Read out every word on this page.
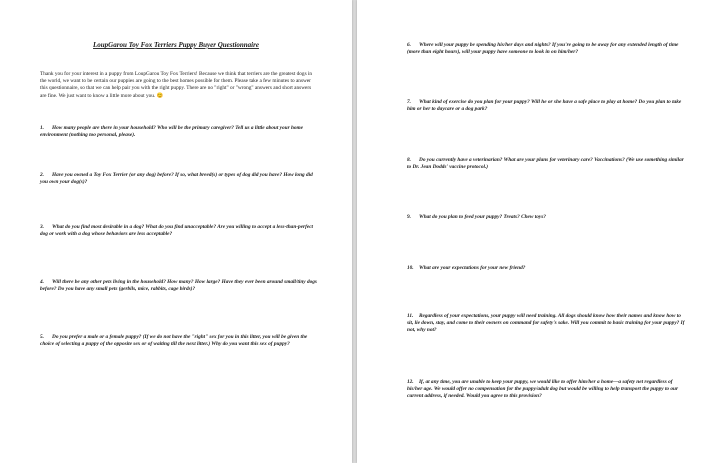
LoupGarou Toy Fox Terriers Puppy Buyer Questionnaire
Thank you for your interest in a puppy from LoupGarou Toy Fox Terriers! Because we think that terriers are the greatest dogs in the world, we want to be certain our puppies are going to the best homes possible for them. Please take a few minutes to answer this questionnaire, so that we can help pair you with the right puppy. There are no "right" or "wrong" answers and short answers are fine. We just want to know a little more about you. 😊
1. How many people are there in your household? Who will be the primary caregiver? Tell us a little about your home environment (nothing too personal, please).
2. Have you owned a Toy Fox Terrier (or any dog) before? If so, what breed(s) or types of dog did you have? How long did you own your dog(s)?
3. What do you find most desirable in a dog? What do you find unacceptable? Are you willing to accept a less-than-perfect dog or work with a dog whose behaviors are less acceptable?
4. Will there be any other pets living in the household? How many? How large? Have they ever been around small/tiny dogs before? Do you have any small pets (gerbils, mice, rabbits, cage birds)?
5. Do you prefer a male or a female puppy? (If we do not have the "right" sex for you in this litter, you will be given the choice of selecting a puppy of the opposite sex or of waiting till the next litter.) Why do you want this sex of puppy?
6. Where will your puppy be spending his/her days and nights? If you're going to be away for any extended length of time (more than eight hours), will your puppy have someone to look in on him/her?
7. What kind of exercise do you plan for your puppy? Will he or she have a safe place to play at home? Do you plan to take him or her to daycare or a dog park?
8. Do you currently have a veterinarian? What are your plans for veterinary care? Vaccinations? (We use something similar to Dr. Jean Dodds' vaccine protocol.)
9. What do you plan to feed your puppy? Treats? Chew toys?
10. What are your expectations for your new friend?
11. Regardless of your expectations, your puppy will need training. All dogs should know how their names and know how to sit, lie down, stay, and come to their owners on command for safety's sake. Will you commit to basic training for your puppy? If not, why not?
12. If, at any time, you are unable to keep your puppy, we would like to offer him/her a home—a safety net regardless of his/her age. We would offer no compensation for the puppy/adult dog but would be willing to help transport the puppy to our current address, if needed. Would you agree to this provision?
